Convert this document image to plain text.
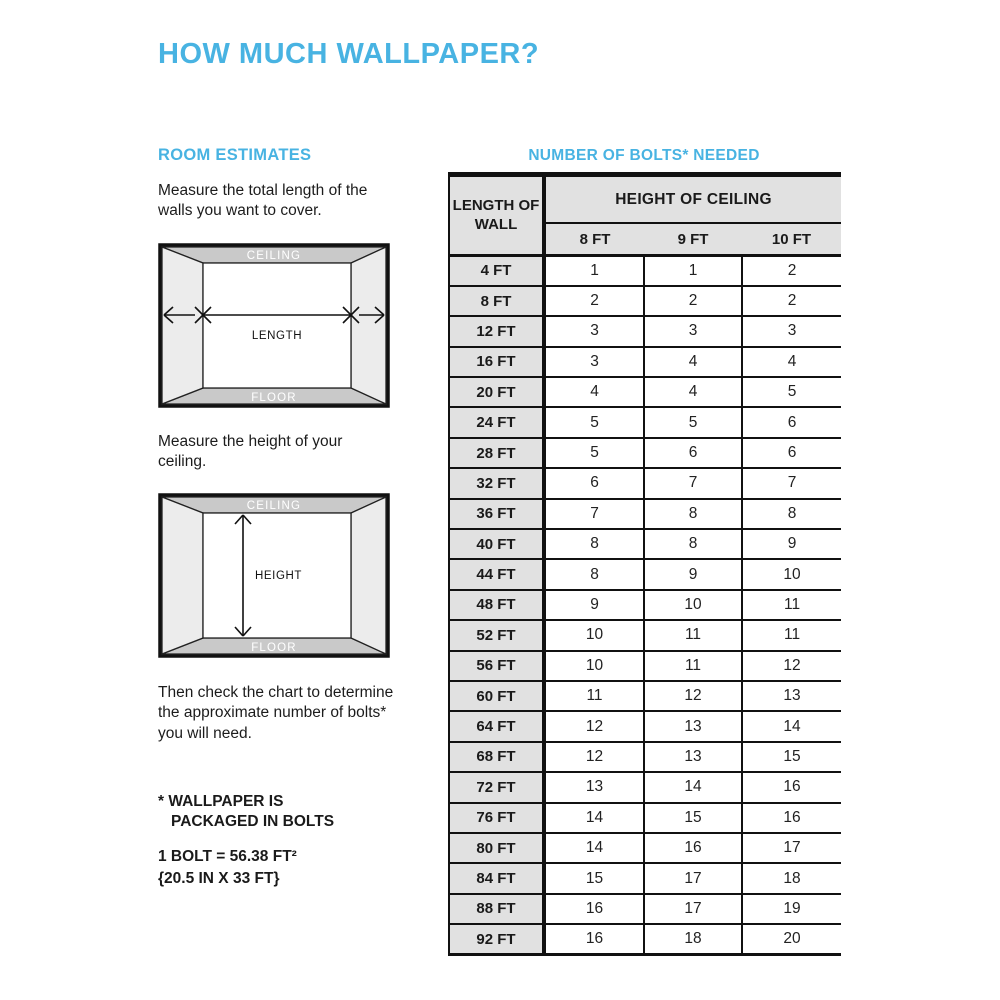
HOW MUCH WALLPAPER?
ROOM ESTIMATES

Measure the total length of the walls you want to cover.

CEILING
FLOOR
LENGTH

Measure the height of your ceiling.

CEILING
FLOOR
HEIGHT

Then check the chart to determine the approximate number of bolts* you will need.

* WALLPAPER IS
PACKAGED IN BOLTS

1 BOLT = 56.38 FT²
{20.5 IN X 33 FT}

NUMBER OF BOLTS* NEEDED
LENGTH OF WALL	HEIGHT OF CEILING		
	8 FT	9 FT	10 FT
4 FT	1	1	2
8 FT	2	2	2
12 FT	3	3	3
16 FT	3	4	4
20 FT	4	4	5
24 FT	5	5	6
28 FT	5	6	6
32 FT	6	7	7
36 FT	7	8	8
40 FT	8	8	9
44 FT	8	9	10
48 FT	9	10	11
52 FT	10	11	11
56 FT	10	11	12
60 FT	11	12	13
64 FT	12	13	14
68 FT	12	13	15
72 FT	13	14	16
76 FT	14	15	16
80 FT	14	16	17
84 FT	15	17	18
88 FT	16	17	19
92 FT	16	18	20
